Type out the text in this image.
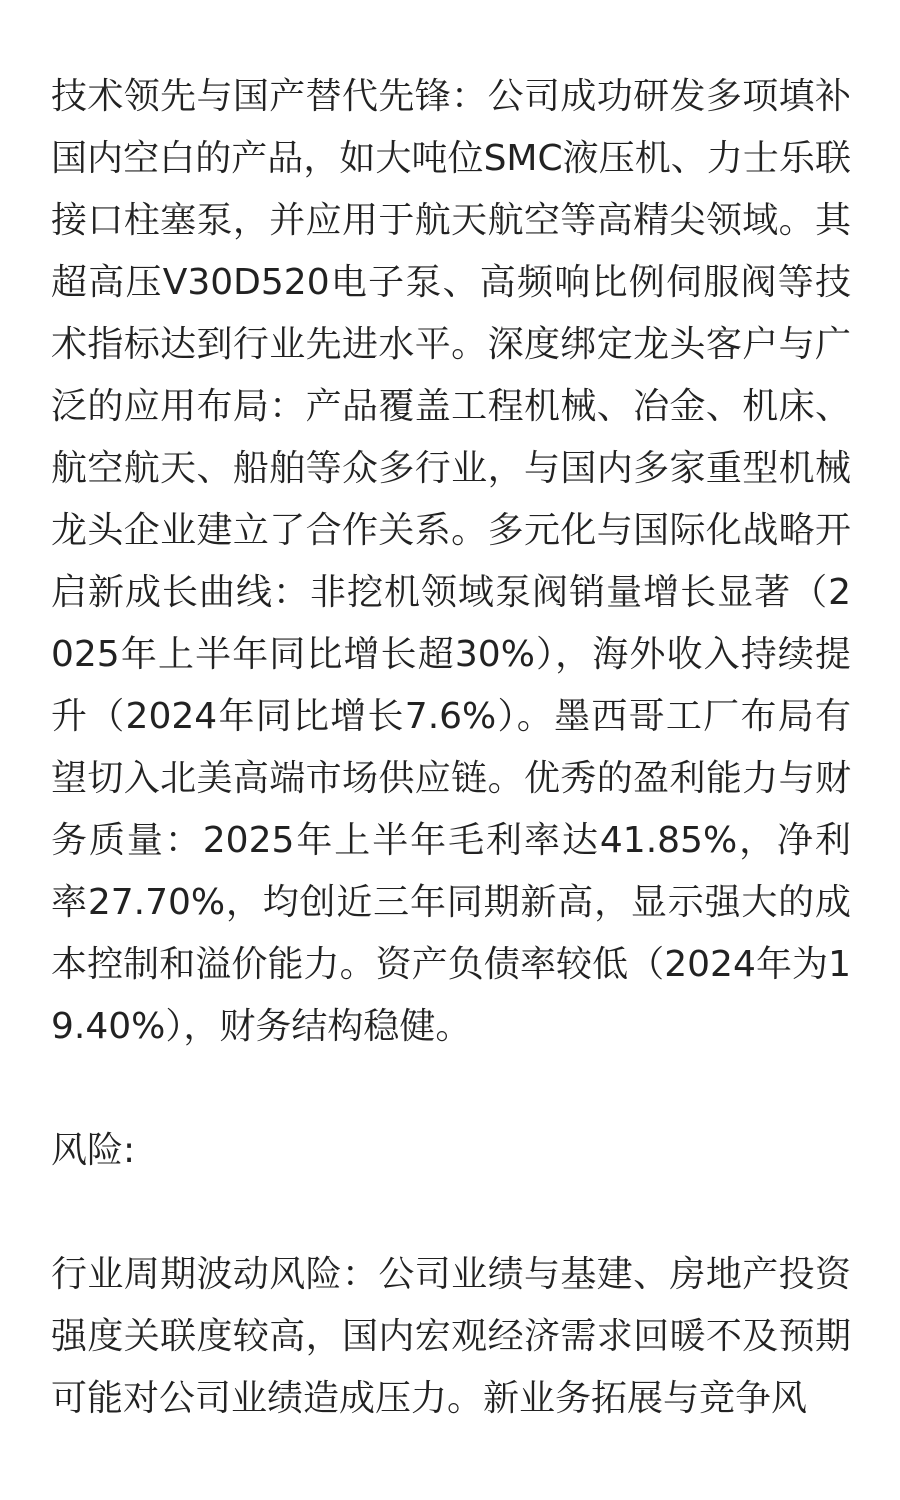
技术领先与国产替代先锋：公司成功研发多项填补国内空白的产品，如大吨位SMC液压机、力士乐联接口柱塞泵，并应用于航天航空等高精尖领域。其超高压V30D520电子泵、高频响比例伺服阀等技术指标达到行业先进水平。深度绑定龙头客户与广泛的应用布局：产品覆盖工程机械、冶金、机床、航空航天、船舶等众多行业，与国内多家重型机械龙头企业建立了合作关系。多元化与国际化战略开启新成长曲线：非挖机领域泵阀销量增长显著（2025年上半年同比增长超30%），海外收入持续提升（2024年同比增长7.6%）。墨西哥工厂布局有望切入北美高端市场供应链。优秀的盈利能力与财务质量：2025年上半年毛利率达41.85%，净利率27.70%，均创近三年同期新高，显示强大的成本控制和溢价能力。资产负债率较低（2024年为19.40%），财务结构稳健。

风险:

行业周期波动风险：公司业绩与基建、房地产投资强度关联度较高，国内宏观经济需求回暖不及预期可能对公司业绩造成压力。新业务拓展与竞争风
